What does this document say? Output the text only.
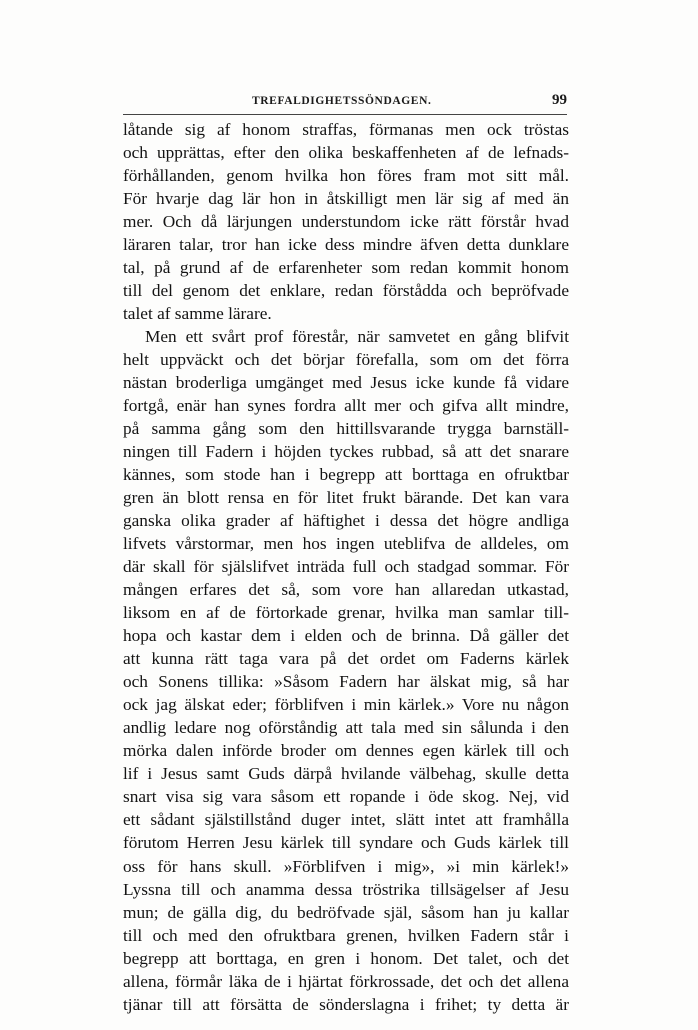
TREFALDIGHETSSÖNDAGEN.	99
låtande sig af honom straffas, förmanas men ock tröstas
och upprättas, efter den olika beskaffenheten af de lefnads-
förhållanden, genom hvilka hon föres fram mot sitt mål.
För hvarje dag lär hon in åtskilligt men lär sig af med än
mer. Och då lärjungen understundom icke rätt förstår hvad
läraren talar, tror han icke dess mindre äfven detta dunklare
tal, på grund af de erfarenheter som redan kommit honom
till del genom det enklare, redan förstådda och bepröfvade
talet af samme lärare.
Men ett svårt prof förestår, när samvetet en gång blifvit
helt uppväckt och det börjar förefalla, som om det förra
nästan broderliga umgänget med Jesus icke kunde få vidare
fortgå, enär han synes fordra allt mer och gifva allt mindre,
på samma gång som den hittillsvarande trygga barnställ-
ningen till Fadern i höjden tyckes rubbad, så att det snarare
kännes, som stode han i begrepp att borttaga en ofruktbar
gren än blott rensa en för litet frukt bärande. Det kan vara
ganska olika grader af häftighet i dessa det högre andliga
lifvets vårstormar, men hos ingen uteblifva de alldeles, om
där skall för själslifvet inträda full och stadgad sommar. För
mången erfares det så, som vore han allaredan utkastad,
liksom en af de förtorkade grenar, hvilka man samlar till-
hopa och kastar dem i elden och de brinna. Då gäller det
att kunna rätt taga vara på det ordet om Faderns kärlek
och Sonens tillika: »Såsom Fadern har älskat mig, så har
ock jag älskat eder; förblifven i min kärlek.» Vore nu någon
andlig ledare nog oförståndig att tala med sin sålunda i den
mörka dalen införde broder om dennes egen kärlek till och
lif i Jesus samt Guds därpå hvilande välbehag, skulle detta
snart visa sig vara såsom ett ropande i öde skog. Nej, vid
ett sådant själstillstånd duger intet, slätt intet att framhålla
förutom Herren Jesu kärlek till syndare och Guds kärlek till
oss för hans skull. »Förblifven i mig», »i min kärlek!»
Lyssna till och anamma dessa tröstrika tillsägelser af Jesu
mun; de gälla dig, du bedröfvade själ, såsom han ju kallar
till och med den ofruktbara grenen, hvilken Fadern står i
begrepp att borttaga, en gren i honom. Det talet, och det
allena, förmår läka de i hjärtat förkrossade, det och det allena
tjänar till att försätta de sönderslagna i frihet; ty detta är
